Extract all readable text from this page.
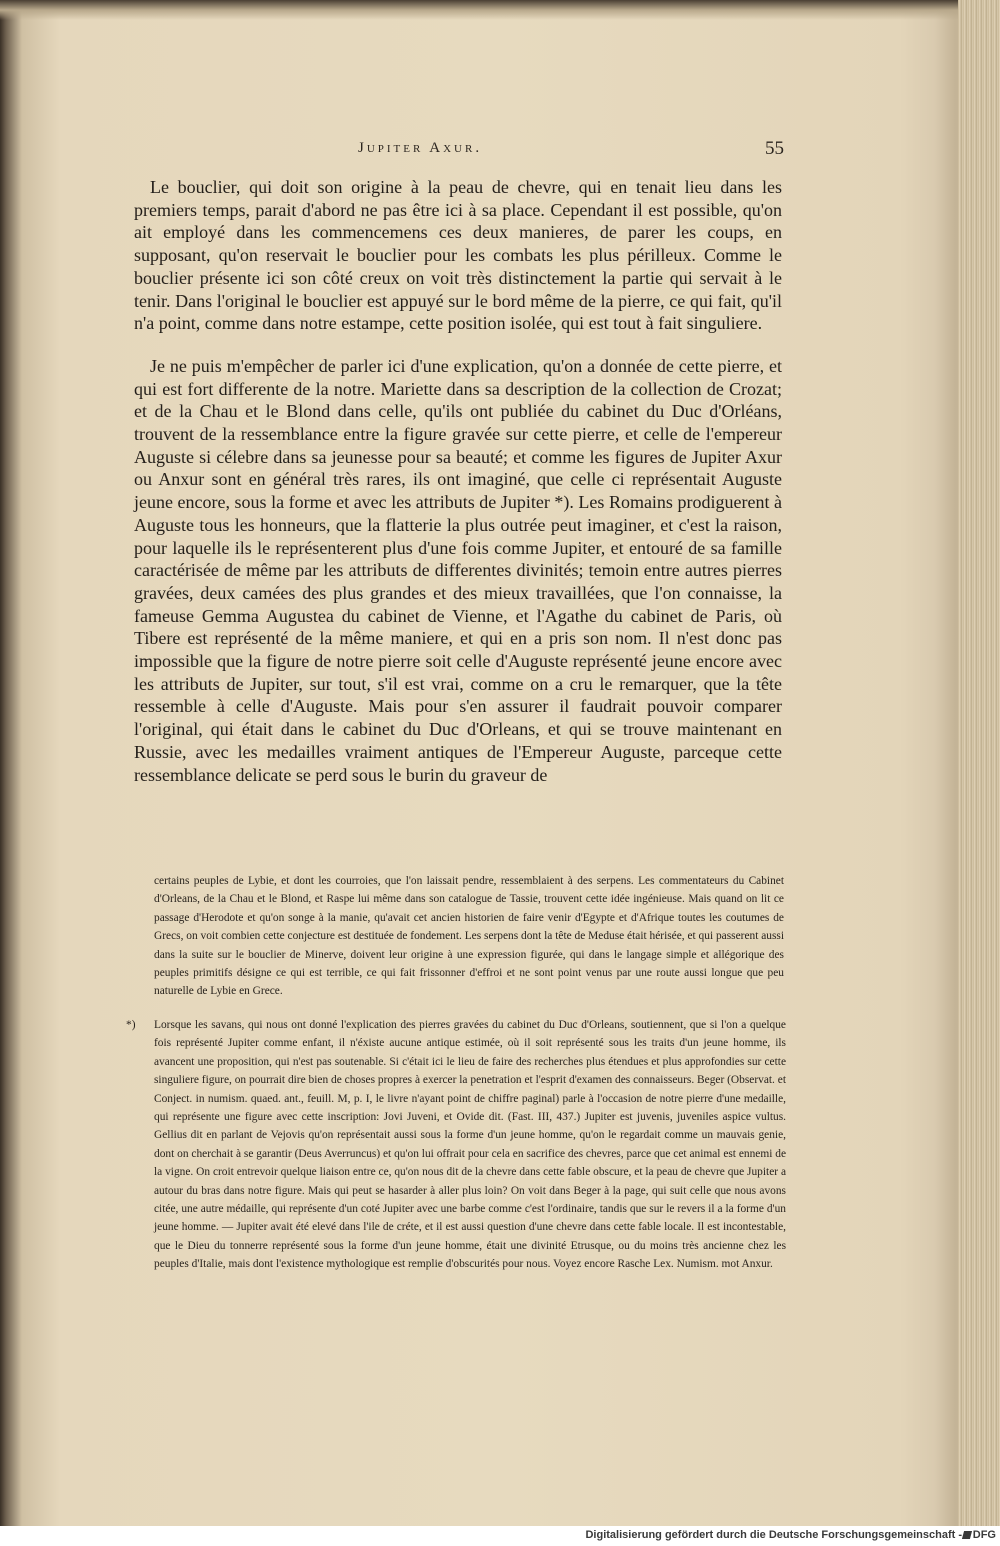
Jupiter Axur.	55

Le bouclier, qui doit son origine à la peau de chevre, qui en tenait lieu dans les premiers temps, parait d'abord ne pas être ici à sa place. Cependant il est possible, qu'on ait employé dans les commencemens ces deux manieres, de parer les coups, en supposant, qu'on reservait le bouclier pour les combats les plus périlleux. Comme le bouclier présente ici son côté creux on voit très distinctement la partie qui servait à le tenir. Dans l'original le bouclier est appuyé sur le bord même de la pierre, ce qui fait, qu'il n'a point, comme dans notre estampe, cette position isolée, qui est tout à fait singuliere.

Je ne puis m'empêcher de parler ici d'une explication, qu'on a donnée de cette pierre, et qui est fort differente de la notre. Mariette dans sa description de la collection de Crozat; et de la Chau et le Blond dans celle, qu'ils ont publiée du cabinet du Duc d'Orléans, trouvent de la ressemblance entre la figure gravée sur cette pierre, et celle de l'empereur Auguste si célebre dans sa jeunesse pour sa beauté; et comme les figures de Jupiter Axur ou Anxur sont en général très rares, ils ont imaginé, que celle ci représentait Auguste jeune encore, sous la forme et avec les attributs de Jupiter *). Les Romains prodiguerent à Auguste tous les honneurs, que la flatterie la plus outrée peut imaginer, et c'est la raison, pour laquelle ils le représenterent plus d'une fois comme Jupiter, et entouré de sa famille caractérisée de même par les attributs de differentes divinités; temoin entre autres pierres gravées, deux camées des plus grandes et des mieux travaillées, que l'on connaisse, la fameuse Gemma Augustea du cabinet de Vienne, et l'Agathe du cabinet de Paris, où Tibere est représenté de la même maniere, et qui en a pris son nom. Il n'est donc pas impossible que la figure de notre pierre soit celle d'Auguste représenté jeune encore avec les attributs de Jupiter, sur tout, s'il est vrai, comme on a cru le remarquer, que la tête ressemble à celle d'Auguste. Mais pour s'en assurer il faudrait pouvoir comparer l'original, qui était dans le cabinet du Duc d'Orleans, et qui se trouve maintenant en Russie, avec les medailles vraiment antiques de l'Empereur Auguste, parceque cette ressemblance delicate se perd sous le burin du graveur de

certains peuples de Lybie, et dont les courroies, que l'on laissait pendre, ressemblaient à des serpens. Les commentateurs du Cabinet d'Orleans, de la Chau et le Blond, et Raspe lui même dans son catalogue de Tassie, trouvent cette idée ingénieuse. Mais quand on lit ce passage d'Herodote et qu'on songe à la manie, qu'avait cet ancien historien de faire venir d'Egypte et d'Afrique toutes les coutumes de Grecs, on voit combien cette conjecture est destituée de fondement. Les serpens dont la tête de Meduse était hérisée, et qui passerent aussi dans la suite sur le bouclier de Minerve, doivent leur origine à une expression figurée, qui dans le langage simple et allégorique des peuples primitifs désigne ce qui est terrible, ce qui fait frissonner d'effroi et ne sont point venus par une route aussi longue que peu naturelle de Lybie en Grece.

*) Lorsque les savans, qui nous ont donné l'explication des pierres gravées du cabinet du Duc d'Orleans, soutiennent, que si l'on a quelque fois représenté Jupiter comme enfant, il n'éxiste aucune antique estimée, où il soit représenté sous les traits d'un jeune homme, ils avancent une proposition, qui n'est pas soutenable. Si c'était ici le lieu de faire des recherches plus étendues et plus approfondies sur cette singuliere figure, on pourrait dire bien de choses propres à exercer la penetration et l'esprit d'examen des connaisseurs. Beger (Observat. et Conject. in numism. quaed. ant., feuill. M, p. I, le livre n'ayant point de chiffre paginal) parle à l'occasion de notre pierre d'une medaille, qui représente une figure avec cette inscription: Jovi Juveni, et Ovide dit. (Fast. III, 437.) Jupiter est juvenis, juveniles aspice vultus. Gellius dit en parlant de Vejovis qu'on représentait aussi sous la forme d'un jeune homme, qu'on le regardait comme un mauvais genie, dont on cherchait à se garantir (Deus Averruncus) et qu'on lui offrait pour cela en sacrifice des chevres, parce que cet animal est ennemi de la vigne. On croit entrevoir quelque liaison entre ce, qu'on nous dit de la chevre dans cette fable obscure, et la peau de chevre que Jupiter a autour du bras dans notre figure. Mais qui peut se hasarder à aller plus loin? On voit dans Beger à la page, qui suit celle que nous avons citée, une autre médaille, qui représente d'un coté Jupiter avec une barbe comme c'est l'ordinaire, tandis que sur le revers il a la forme d'un jeune homme. — Jupiter avait été elevé dans l'ile de créte, et il est aussi question d'une chevre dans cette fable locale. Il est incontestable, que le Dieu du tonnerre représenté sous la forme d'un jeune homme, était une divinité Etrusque, ou du moins très ancienne chez les peuples d'Italie, mais dont l'existence mythologique est remplie d'obscurités pour nous. Voyez encore Rasche Lex. Numism. mot Anxur.

Digitalisierung gefördert durch die Deutsche Forschungsgemeinschaft - DFG
